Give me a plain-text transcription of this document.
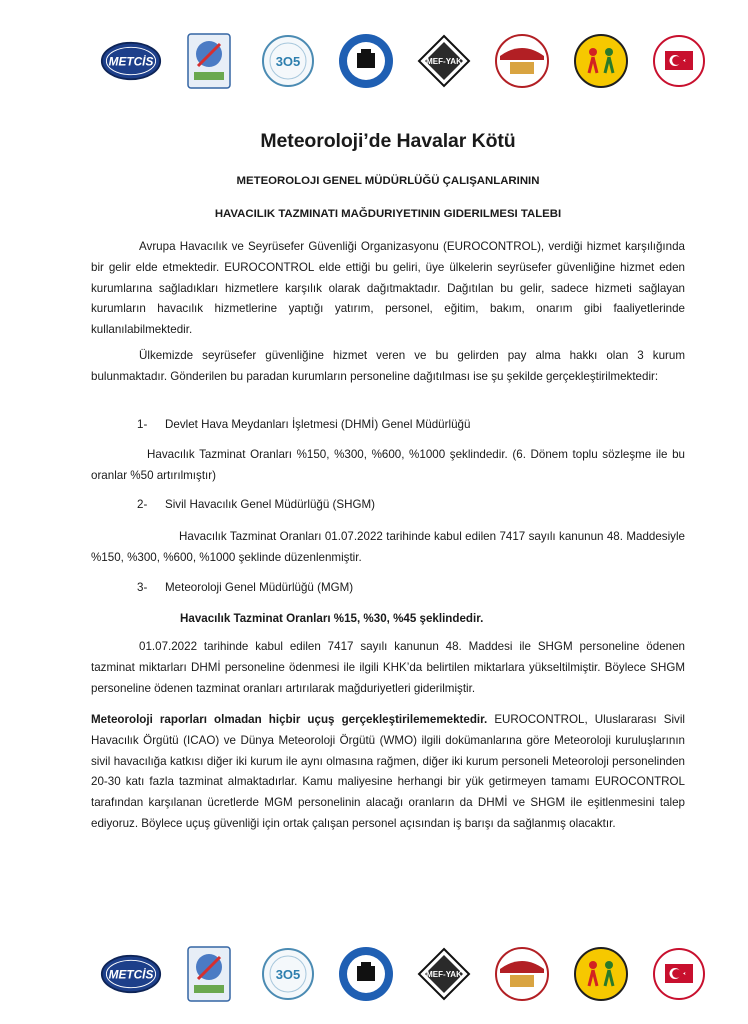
METCİS	3O5	MEF-YAK
Meteoroloji’de Havalar Kötü
METEOROLOJI GENEL MÜDÜRLÜĞÜ ÇALIŞANLARININ
HAVACILIK TAZMINATI MAĞDURIYETININ GIDERILMESI TALEBI

Avrupa Havacılık ve Seyrüsefer Güvenliği Organizasyonu (EUROCONTROL), verdiği hizmet karşılığında bir gelir elde etmektedir. EUROCONTROL elde ettiği bu geliri, üye ülkelerin seyrüsefer güvenliğine hizmet eden kurumlarına sağladıkları hizmetlere karşılık olarak dağıtmaktadır. Dağıtılan bu gelir, sadece hizmeti sağlayan kurumların havacılık hizmetlerine yaptığı yatırım, personel, eğitim, bakım, onarım gibi faaliyetlerinde kullanılabilmektedir.

Ülkemizde seyrüsefer güvenliğine hizmet veren ve bu gelirden pay alma hakkı olan 3 kurum bulunmaktadır. Gönderilen bu paradan kurumların personeline dağıtılması ise şu şekilde gerçekleştirilmektedir:

1- Devlet Hava Meydanları İşletmesi (DHMİ) Genel Müdürlüğü

Havacılık Tazminat Oranları %150, %300, %600, %1000 şeklindedir. (6. Dönem toplu sözleşme ile bu oranlar %50 artırılmıştır)

2- Sivil Havacılık Genel Müdürlüğü (SHGM)

Havacılık Tazminat Oranları 01.07.2022 tarihinde kabul edilen 7417 sayılı kanunun 48. Maddesiyle %150, %300, %600, %1000 şeklinde düzenlenmiştir.

3- Meteoroloji Genel Müdürlüğü (MGM)

Havacılık Tazminat Oranları %15, %30, %45 şeklindedir.

01.07.2022 tarihinde kabul edilen 7417 sayılı kanunun 48. Maddesi ile SHGM personeline ödenen tazminat miktarları DHMİ personeline ödenmesi ile ilgili KHK’da belirtilen miktarlara yükseltilmiştir. Böylece SHGM personeline ödenen tazminat oranları artırılarak mağduriyetleri giderilmiştir.

Meteoroloji raporları olmadan hiçbir uçuş gerçekleştirilememektedir. EUROCONTROL, Uluslararası Sivil Havacılık Örgütü (ICAO) ve Dünya Meteoroloji Örgütü (WMO) ilgili dokümanlarına göre Meteoroloji kuruluşlarının sivil havacılığa katkısı diğer iki kurum ile aynı olmasına rağmen, diğer iki kurum personeli Meteoroloji personelinden 20-30 katı fazla tazminat almaktadırlar. Kamu maliyesine herhangi bir yük getirmeyen tamamı EUROCONTROL tarafından karşılanan ücretlerde MGM personelinin alacağı oranların da DHMİ ve SHGM ile eşitlenmesini talep ediyoruz. Böylece uçuş güvenliği için ortak çalışan personel açısından iş barışı da sağlanmış olacaktır.

METCİS	3O5	MEF-YAK
